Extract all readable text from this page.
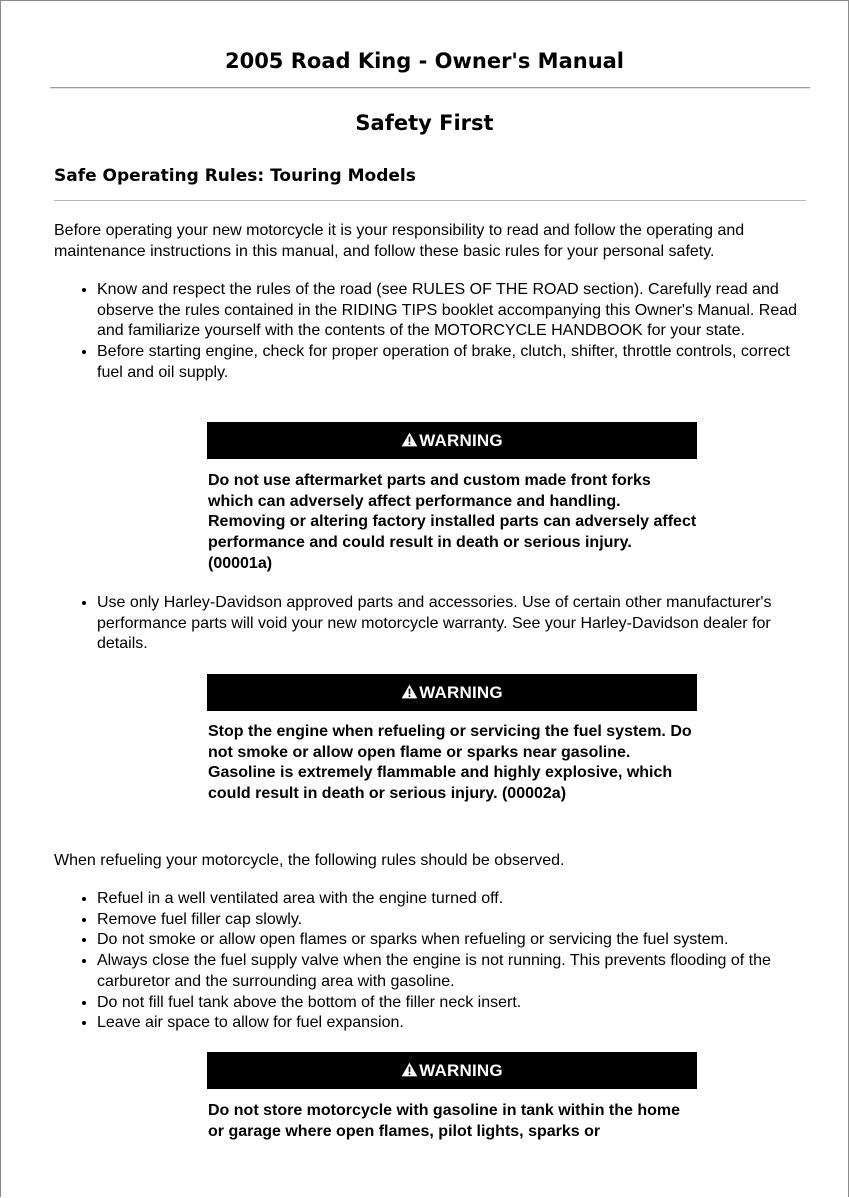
2005 Road King - Owner's Manual
Safety First
Safe Operating Rules: Touring Models

Before operating your new motorcycle it is your responsibility to read and follow the operating and maintenance instructions in this manual, and follow these basic rules for your personal safety.

• Know and respect the rules of the road (see RULES OF THE ROAD section). Carefully read and observe the rules contained in the RIDING TIPS booklet accompanying this Owner's Manual. Read and familiarize yourself with the contents of the MOTORCYCLE HANDBOOK for your state.
• Before starting engine, check for proper operation of brake, clutch, shifter, throttle controls, correct fuel and oil supply.
WARNING

Do not use aftermarket parts and custom made front forks which can adversely affect performance and handling. Removing or altering factory installed parts can adversely affect performance and could result in death or serious injury. (00001a)

• Use only Harley-Davidson approved parts and accessories. Use of certain other manufacturer's performance parts will void your new motorcycle warranty. See your Harley-Davidson dealer for details.
WARNING

Stop the engine when refueling or servicing the fuel system. Do not smoke or allow open flame or sparks near gasoline. Gasoline is extremely flammable and highly explosive, which could result in death or serious injury. (00002a)

When refueling your motorcycle, the following rules should be observed.

• Refuel in a well ventilated area with the engine turned off.
• Remove fuel filler cap slowly.
• Do not smoke or allow open flames or sparks when refueling or servicing the fuel system.
• Always close the fuel supply valve when the engine is not running. This prevents flooding of the carburetor and the surrounding area with gasoline.
• Do not fill fuel tank above the bottom of the filler neck insert.
• Leave air space to allow for fuel expansion.
WARNING

Do not store motorcycle with gasoline in tank within the home or garage where open flames, pilot lights, sparks or
